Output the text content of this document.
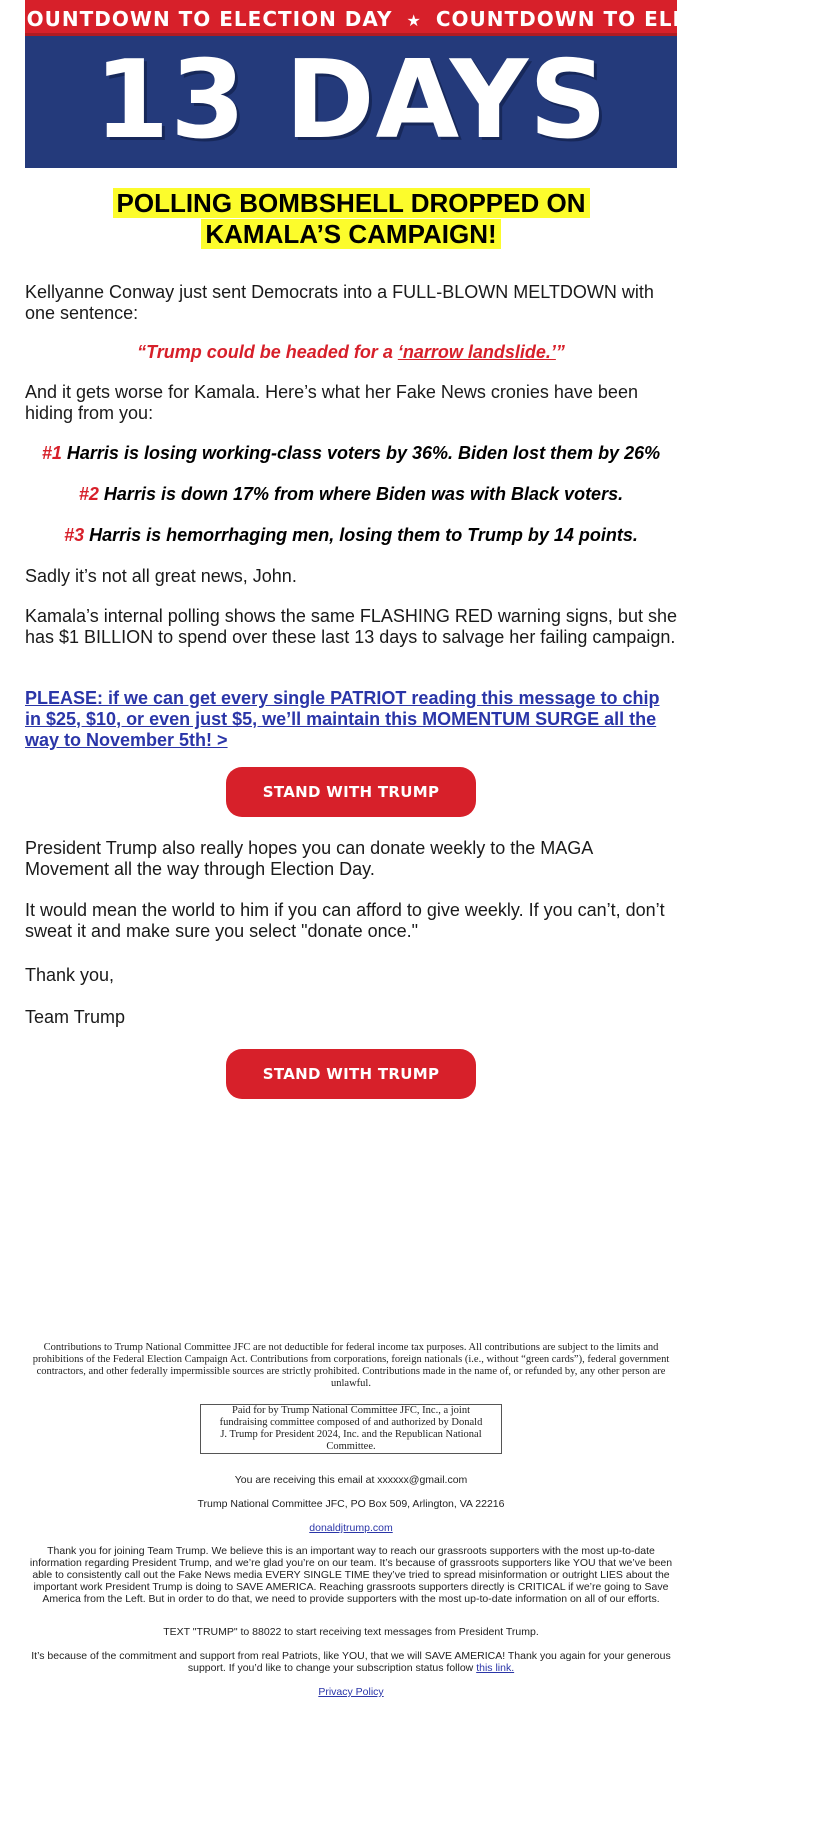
COUNTDOWN TO ELECTION DAY ★ COUNTDOWN TO ELECTION DAY
13 DAYS
POLLING BOMBSHELL DROPPED ON
KAMALA’S CAMPAIGN!
Kellyanne Conway just sent Democrats into a FULL-BLOWN MELTDOWN with one sentence:
“Trump could be headed for a ‘narrow landslide.’”
And it gets worse for Kamala. Here’s what her Fake News cronies have been hiding from you:
#1 Harris is losing working-class voters by 36%. Biden lost them by 26%
#2 Harris is down 17% from where Biden was with Black voters.
#3 Harris is hemorrhaging men, losing them to Trump by 14 points.
Sadly it’s not all great news, John.
Kamala’s internal polling shows the same FLASHING RED warning signs, but she has $1 BILLION to spend over these last 13 days to salvage her failing campaign.
PLEASE: if we can get every single PATRIOT reading this message to chip in $25, $10, or even just $5, we’ll maintain this MOMENTUM SURGE all the way to November 5th! >
STAND WITH TRUMP
President Trump also really hopes you can donate weekly to the MAGA Movement all the way through Election Day.
It would mean the world to him if you can afford to give weekly. If you can’t, don’t sweat it and make sure you select "donate once."
Thank you,
Team Trump
STAND WITH TRUMP
Contributions to Trump National Committee JFC are not deductible for federal income tax purposes. All contributions are subject to the limits and prohibitions of the Federal Election Campaign Act. Contributions from corporations, foreign nationals (i.e., without “green cards”), federal government contractors, and other federally impermissible sources are strictly prohibited. Contributions made in the name of, or refunded by, any other person are unlawful.
Paid for by Trump National Committee JFC, Inc., a joint fundraising committee composed of and authorized by Donald J. Trump for President 2024, Inc. and the Republican National Committee.
You are receiving this email at xxxxxx@gmail.com
Trump National Committee JFC, PO Box 509, Arlington, VA 22216
donaldjtrump.com
Thank you for joining Team Trump. We believe this is an important way to reach our grassroots supporters with the most up-to-date information regarding President Trump, and we’re glad you’re on our team. It’s because of grassroots supporters like YOU that we’ve been able to consistently call out the Fake News media EVERY SINGLE TIME they’ve tried to spread misinformation or outright LIES about the important work President Trump is doing to SAVE AMERICA. Reaching grassroots supporters directly is CRITICAL if we’re going to Save America from the Left. But in order to do that, we need to provide supporters with the most up-to-date information on all of our efforts.
TEXT "TRUMP" to 88022 to start receiving text messages from President Trump.
It’s because of the commitment and support from real Patriots, like YOU, that we will SAVE AMERICA! Thank you again for your generous support. If you’d like to change your subscription status follow this link.
Privacy Policy
